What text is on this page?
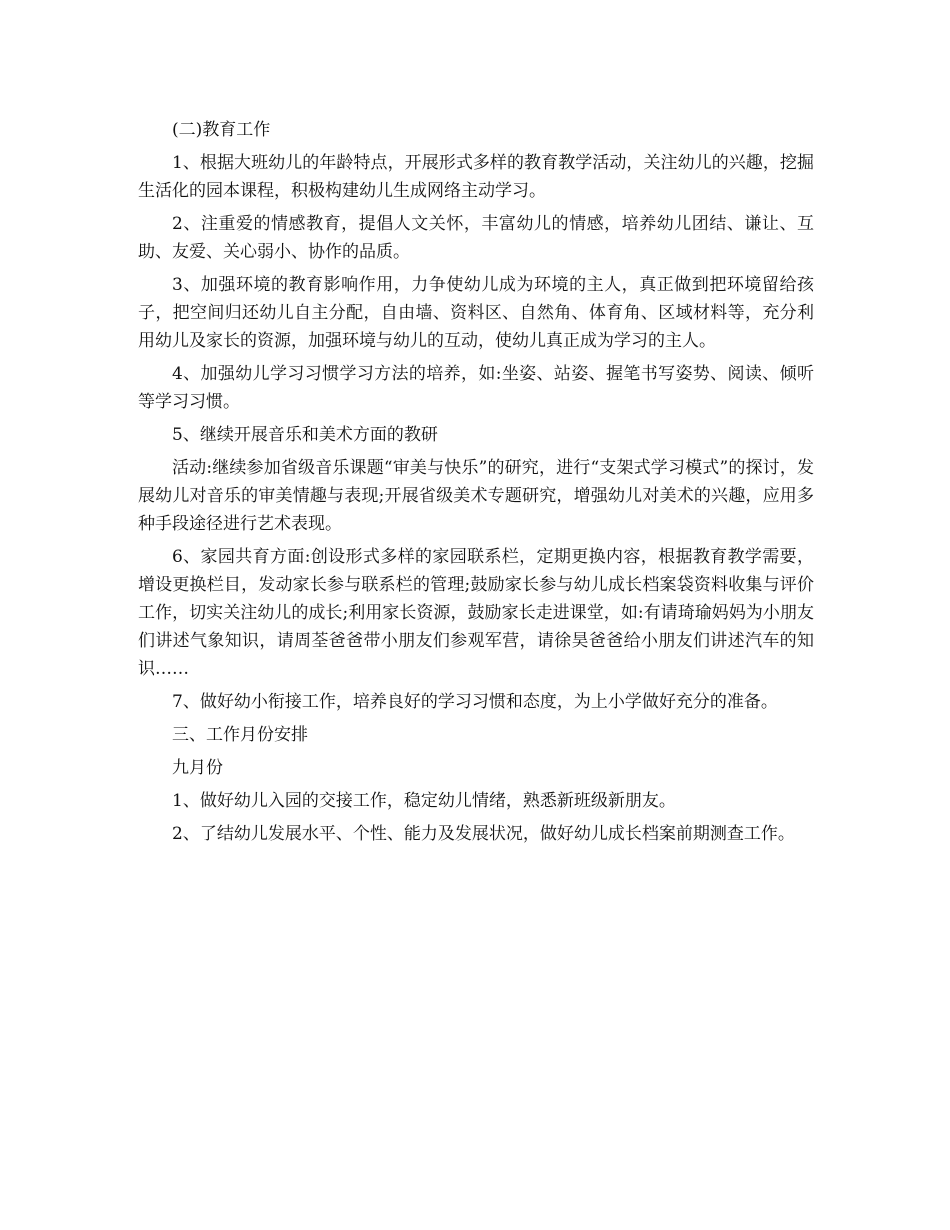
(二)教育工作

1、根据大班幼儿的年龄特点，开展形式多样的教育教学活动，关注幼儿的兴趣，挖掘生活化的园本课程，积极构建幼儿生成网络主动学习。

2、注重爱的情感教育，提倡人文关怀，丰富幼儿的情感，培养幼儿团结、谦让、互助、友爱、关心弱小、协作的品质。

3、加强环境的教育影响作用，力争使幼儿成为环境的主人，真正做到把环境留给孩子，把空间归还幼儿自主分配，自由墙、资料区、自然角、体育角、区域材料等，充分利用幼儿及家长的资源，加强环境与幼儿的互动，使幼儿真正成为学习的主人。

4、加强幼儿学习习惯学习方法的培养，如:坐姿、站姿、握笔书写姿势、阅读、倾听等学习习惯。

5、继续开展音乐和美术方面的教研

活动:继续参加省级音乐课题“审美与快乐”的研究，进行“支架式学习模式”的探讨，发展幼儿对音乐的审美情趣与表现;开展省级美术专题研究，增强幼儿对美术的兴趣，应用多种手段途径进行艺术表现。

6、家园共育方面:创设形式多样的家园联系栏，定期更换内容，根据教育教学需要，增设更换栏目，发动家长参与联系栏的管理;鼓励家长参与幼儿成长档案袋资料收集与评价工作，切实关注幼儿的成长;利用家长资源，鼓励家长走进课堂，如:有请琦瑜妈妈为小朋友们讲述气象知识，请周荃爸爸带小朋友们参观军营，请徐昊爸爸给小朋友们讲述汽车的知识……

7、做好幼小衔接工作，培养良好的学习习惯和态度，为上小学做好充分的准备。

三、工作月份安排

九月份

1、做好幼儿入园的交接工作，稳定幼儿情绪，熟悉新班级新朋友。

2、了结幼儿发展水平、个性、能力及发展状况，做好幼儿成长档案前期测查工作。
